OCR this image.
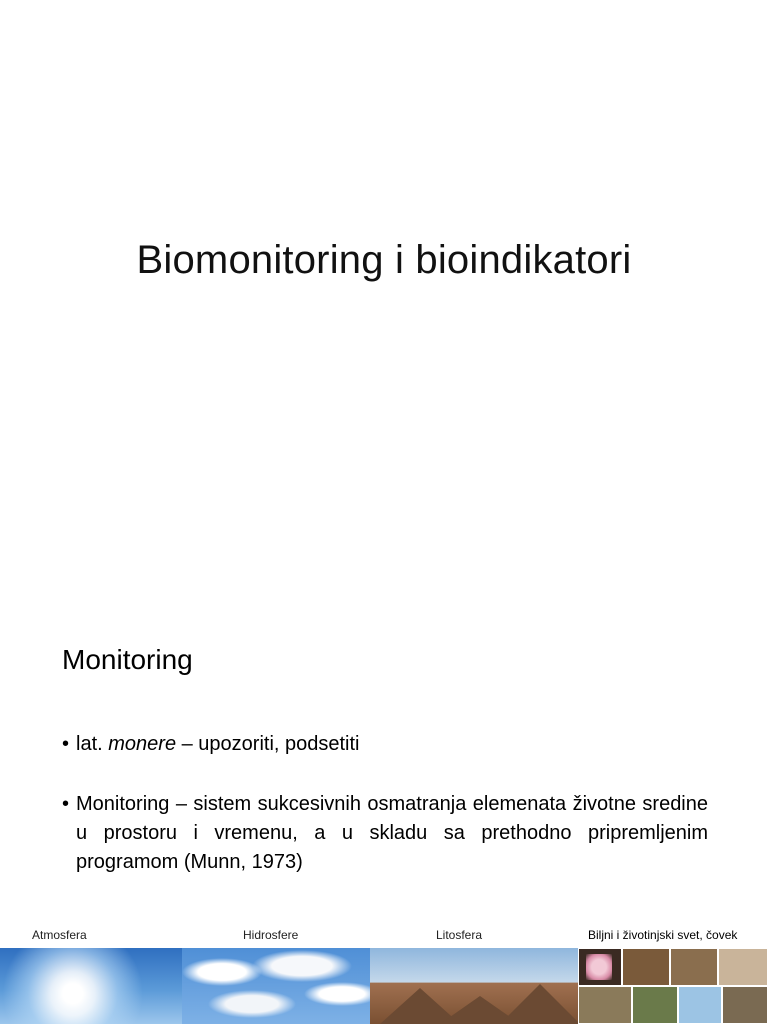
Biomonitoring i bioindikatori
Monitoring
• lat. monere – upozoriti, podsetiti
• Monitoring – sistem sukcesivnih osmatranja elemenata životne sredine u prostoru i vremenu, a u skladu sa prethodno pripremljenim programom (Munn, 1973)
Atmosfera	Hidrosfere	Litosfera	Biljni i životinjski svet, čovek
